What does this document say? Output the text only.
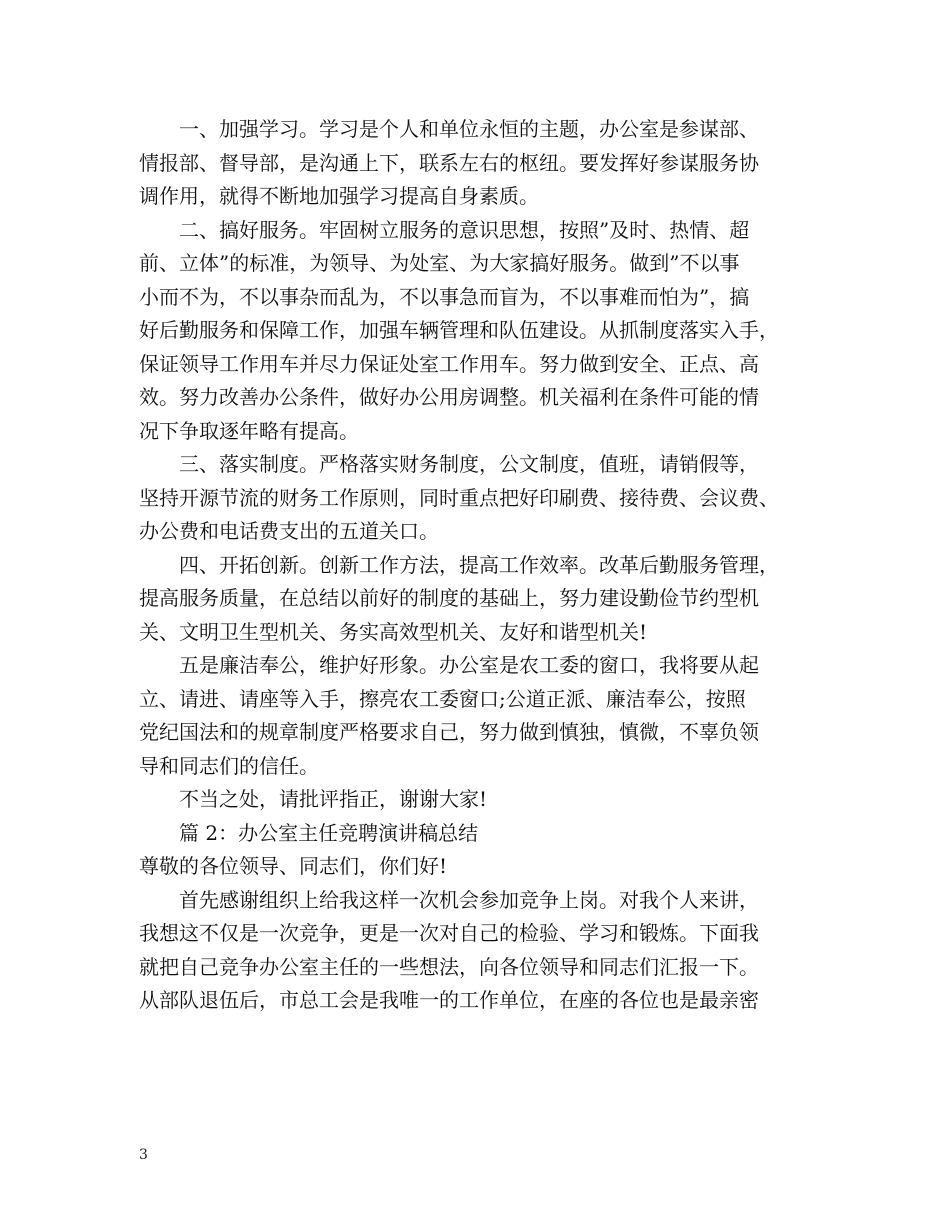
　　一、加强学习。学习是个人和单位永恒的主题，办公室是参谋部、
情报部、督导部，是沟通上下，联系左右的枢纽。要发挥好参谋服务协
调作用，就得不断地加强学习提高自身素质。
　　二、搞好服务。牢固树立服务的意识思想，按照”及时、热情、超
前、立体”的标准，为领导、为处室、为大家搞好服务。做到”不以事
小而不为，不以事杂而乱为，不以事急而盲为，不以事难而怕为”，搞
好后勤服务和保障工作，加强车辆管理和队伍建设。从抓制度落实入手，
保证领导工作用车并尽力保证处室工作用车。努力做到安全、正点、高
效。努力改善办公条件，做好办公用房调整。机关福利在条件可能的情
况下争取逐年略有提高。
　　三、落实制度。严格落实财务制度，公文制度，值班，请销假等，
坚持开源节流的财务工作原则，同时重点把好印刷费、接待费、会议费、
办公费和电话费支出的五道关口。
　　四、开拓创新。创新工作方法，提高工作效率。改革后勤服务管理，
提高服务质量，在总结以前好的制度的基础上，努力建设勤俭节约型机
关、文明卫生型机关、务实高效型机关、友好和谐型机关!
　　五是廉洁奉公，维护好形象。办公室是农工委的窗口，我将要从起
立、请进、请座等入手，擦亮农工委窗口;公道正派、廉洁奉公，按照
党纪国法和的规章制度严格要求自己，努力做到慎独，慎微，不辜负领
导和同志们的信任。
　　不当之处，请批评指正，谢谢大家!
　　篇 2：办公室主任竞聘演讲稿总结
尊敬的各位领导、同志们，你们好!
　　首先感谢组织上给我这样一次机会参加竞争上岗。对我个人来讲，
我想这不仅是一次竞争，更是一次对自己的检验、学习和锻炼。下面我
就把自己竞争办公室主任的一些想法，向各位领导和同志们汇报一下。
从部队退伍后，市总工会是我唯一的工作单位，在座的各位也是最亲密
3
